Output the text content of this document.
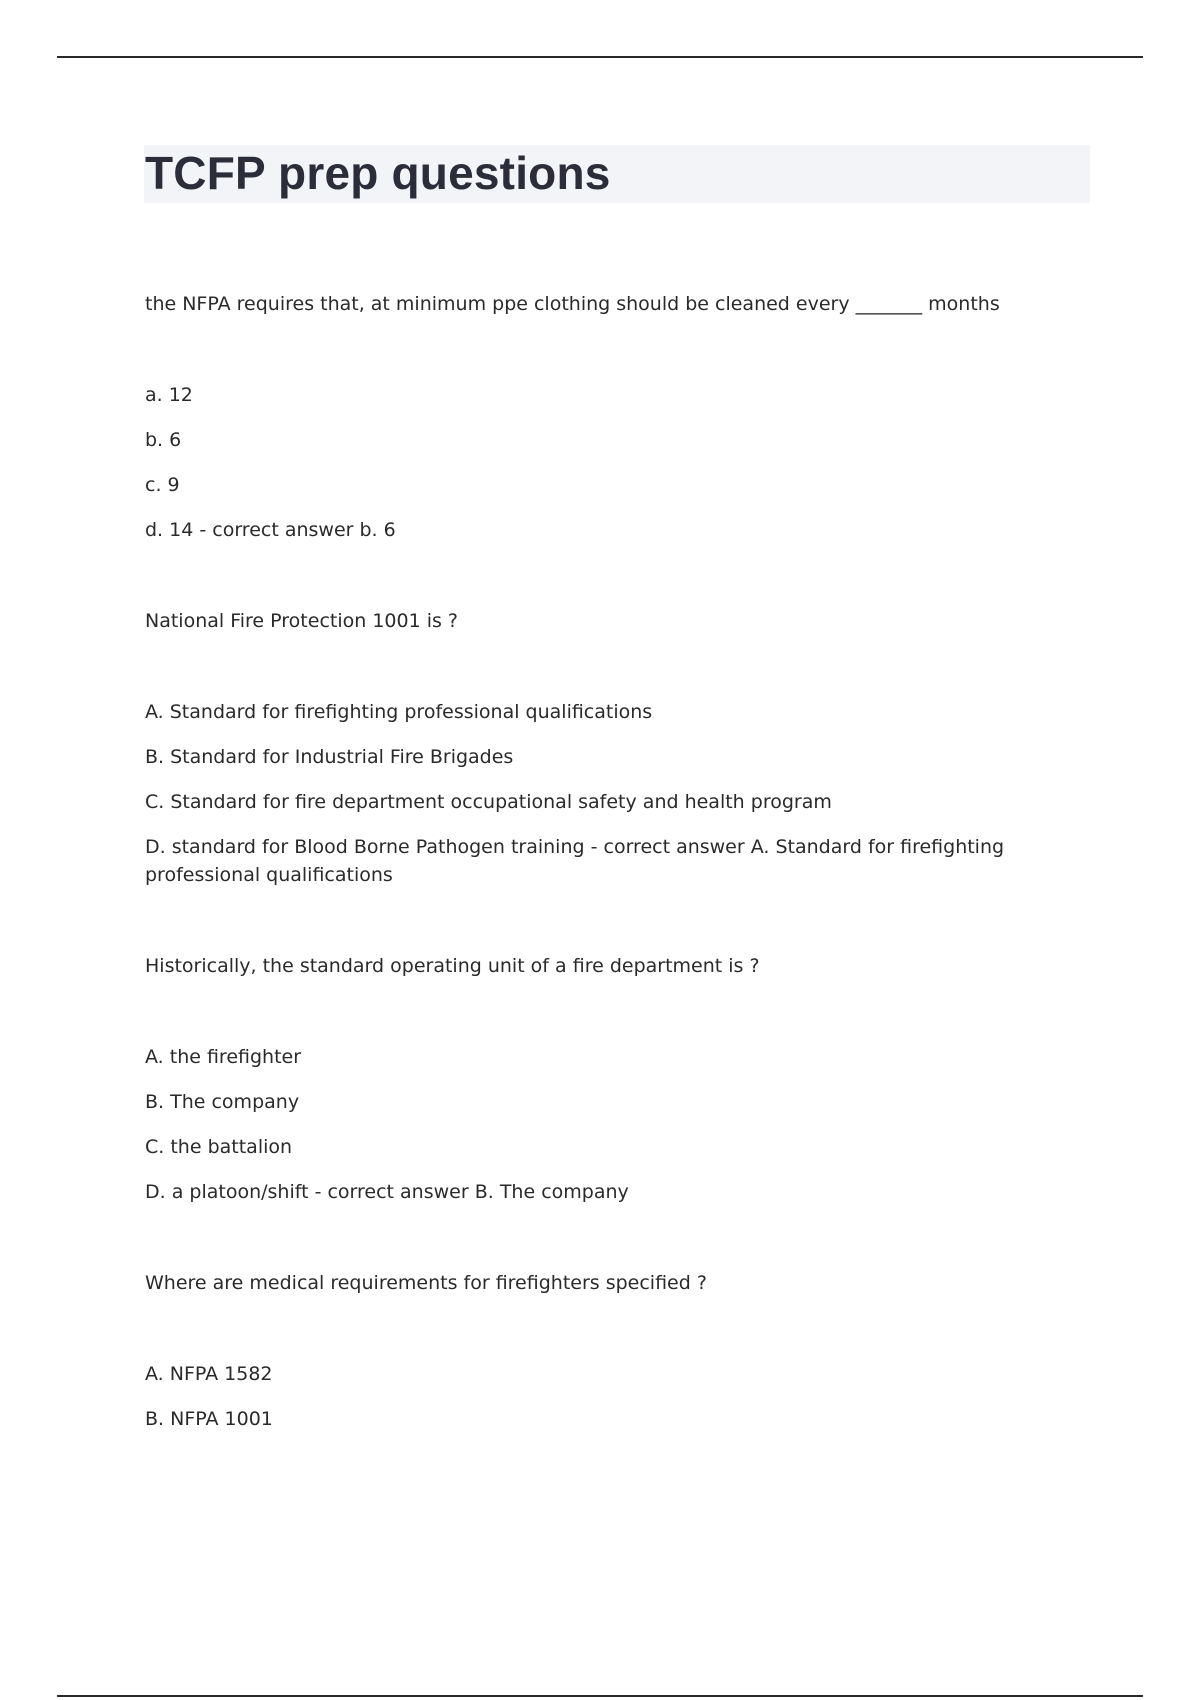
TCFP prep questions

the NFPA requires that, at minimum ppe clothing should be cleaned every _______ months

a. 12
b. 6
c. 9
d. 14 - correct answer b. 6

National Fire Protection 1001 is ?

A. Standard for firefighting professional qualifications
B. Standard for Industrial Fire Brigades
C. Standard for fire department occupational safety and health program
D. standard for Blood Borne Pathogen training - correct answer A. Standard for firefighting professional qualifications

Historically, the standard operating unit of a fire department is ?

A. the firefighter
B. The company
C. the battalion
D. a platoon/shift - correct answer B. The company

Where are medical requirements for firefighters specified ?

A. NFPA 1582
B. NFPA 1001
